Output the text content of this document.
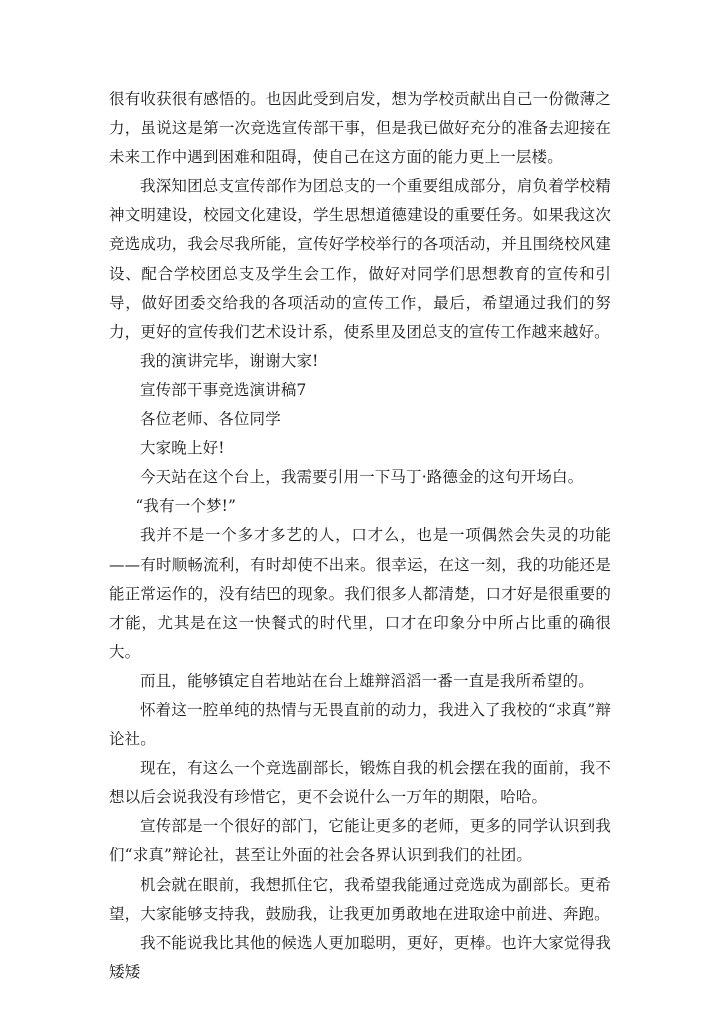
很有收获很有感悟的。也因此受到启发，想为学校贡献出自己一份微薄之力，虽说这是第一次竞选宣传部干事，但是我已做好充分的准备去迎接在未来工作中遇到困难和阻碍，使自己在这方面的能力更上一层楼。

我深知团总支宣传部作为团总支的一个重要组成部分，肩负着学校精神文明建设，校园文化建设，学生思想道德建设的重要任务。如果我这次竞选成功，我会尽我所能，宣传好学校举行的各项活动，并且围绕校风建设、配合学校团总支及学生会工作，做好对同学们思想教育的宣传和引导，做好团委交给我的各项活动的宣传工作，最后，希望通过我们的努力，更好的宣传我们艺术设计系，使系里及团总支的宣传工作越来越好。

我的演讲完毕，谢谢大家!

宣传部干事竞选演讲稿7

各位老师、各位同学

大家晚上好!

今天站在这个台上，我需要引用一下马丁·路德金的这句开场白。

“我有一个梦!”

我并不是一个多才多艺的人，口才么，也是一项偶然会失灵的功能——有时顺畅流利，有时却使不出来。很幸运，在这一刻，我的功能还是能正常运作的，没有结巴的现象。我们很多人都清楚，口才好是很重要的才能，尤其是在这一快餐式的时代里，口才在印象分中所占比重的确很大。

而且，能够镇定自若地站在台上雄辩滔滔一番一直是我所希望的。

怀着这一腔单纯的热情与无畏直前的动力，我进入了我校的“求真”辩论社。

现在，有这么一个竞选副部长，锻炼自我的机会摆在我的面前，我不想以后会说我没有珍惜它，更不会说什么一万年的期限，哈哈。

宣传部是一个很好的部门，它能让更多的老师，更多的同学认识到我们“求真”辩论社，甚至让外面的社会各界认识到我们的社团。

机会就在眼前，我想抓住它，我希望我能通过竞选成为副部长。更希望，大家能够支持我，鼓励我，让我更加勇敢地在进取途中前进、奔跑。

我不能说我比其他的候选人更加聪明，更好，更棒。也许大家觉得我矮矮
